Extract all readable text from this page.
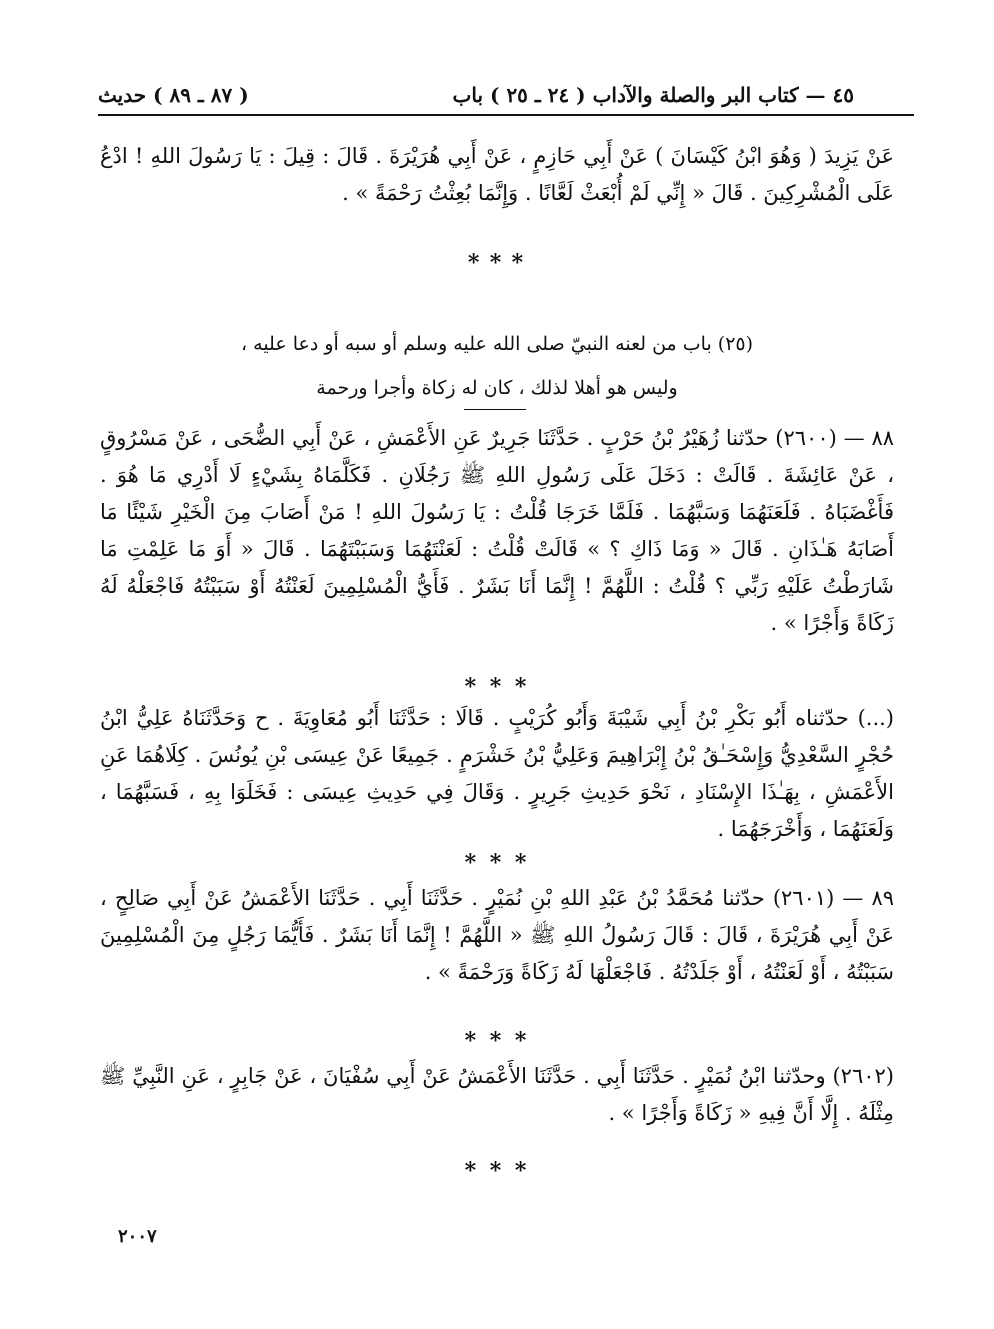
٤٥ — كتاب البر والصلة والآداب ( ٢٤ ـ ٢٥ ) باب
( ٨٧ ـ ٨٩ ) حديث

عَنْ يَزِيدَ ( وَهُوَ ابْنُ كَيْسَانَ ) عَنْ أَبِي حَازِمٍ ، عَنْ أَبِي هُرَيْرَةَ . قَالَ : قِيلَ : يَا رَسُولَ اللهِ ! ادْعُ عَلَى الْمُشْرِكِينَ . قَالَ « إِنِّي لَمْ أُبْعَثْ لَعَّانًا . وَإِنَّمَا بُعِثْتُ رَحْمَةً » .

* * *

(٢٥) باب من لعنه النبيّ صلى الله عليه وسلم أو سبه أو دعا عليه ،

وليس هو أهلا لذلك ، كان له زكاة وأجرا ورحمة

٨٨ — (٢٦٠٠) حدّثنا زُهَيْرُ بْنُ حَرْبٍ . حَدَّثَنَا جَرِيرٌ عَنِ الأَعْمَشِ ، عَنْ أَبِي الضُّحَى ، عَنْ مَسْرُوقٍ ، عَنْ عَائِشَةَ . قَالَتْ : دَخَلَ عَلَى رَسُولِ اللهِ ﷺ رَجُلَانِ . فَكَلَّمَاهُ بِشَيْءٍ لَا أَدْرِي مَا هُوَ . فَأَغْضَبَاهُ . فَلَعَنَهُمَا وَسَبَّهُمَا . فَلَمَّا خَرَجَا قُلْتُ : يَا رَسُولَ اللهِ ! مَنْ أَصَابَ مِنَ الْخَيْرِ شَيْئًا مَا أَصَابَهُ هَـٰذَانِ . قَالَ « وَمَا ذَاكِ ؟ » قَالَتْ قُلْتُ : لَعَنْتَهُمَا وَسَبَبْتَهُمَا . قَالَ « أَوَ مَا عَلِمْتِ مَا شَارَطْتُ عَلَيْهِ رَبِّي ؟ قُلْتُ : اللَّهُمَّ ! إِنَّمَا أَنَا بَشَرٌ . فَأَيُّ الْمُسْلِمِينَ لَعَنْتُهُ أَوْ سَبَبْتُهُ فَاجْعَلْهُ لَهُ زَكَاةً وَأَجْرًا » .

* * *

(...) حدّثناه أَبُو بَكْرِ بْنُ أَبِي شَيْبَةَ وَأَبُو كُرَيْبٍ . قَالَا : حَدَّثَنَا أَبُو مُعَاوِيَةَ . ح وَحَدَّثَنَاهُ عَلِيُّ ابْنُ حُجْرٍ السَّعْدِيُّ وَإِسْحَـٰقُ بْنُ إِبْرَاهِيمَ وَعَلِيُّ بْنُ خَشْرَمٍ . جَمِيعًا عَنْ عِيسَى بْنِ يُونُسَ . كِلَاهُمَا عَنِ الأَعْمَشِ ، بِهَـٰذَا الإِسْنَادِ ، نَحْوَ حَدِيثِ جَرِيرٍ . وَقَالَ فِي حَدِيثِ عِيسَى : فَخَلَوَا بِهِ ، فَسَبَّهُمَا ، وَلَعَنَهُمَا ، وَأَخْرَجَهُمَا .

* * *

٨٩ — (٢٦٠١) حدّثنا مُحَمَّدُ بْنُ عَبْدِ اللهِ بْنِ نُمَيْرٍ . حَدَّثَنَا أَبِي . حَدَّثَنَا الأَعْمَشُ عَنْ أَبِي صَالِحٍ ، عَنْ أَبِي هُرَيْرَةَ ، قَالَ : قَالَ رَسُولُ اللهِ ﷺ « اللَّهُمَّ ! إِنَّمَا أَنَا بَشَرٌ . فَأَيُّمَا رَجُلٍ مِنَ الْمُسْلِمِينَ سَبَبْتُهُ ، أَوْ لَعَنْتُهُ ، أَوْ جَلَدْتُهُ . فَاجْعَلْهَا لَهُ زَكَاةً وَرَحْمَةً » .

* * *

(٢٦٠٢) وحدّثنا ابْنُ نُمَيْرٍ . حَدَّثَنَا أَبِي . حَدَّثَنَا الأَعْمَشُ عَنْ أَبِي سُفْيَانَ ، عَنْ جَابِرٍ ، عَنِ النَّبِيِّ ﷺ مِثْلَهُ . إِلَّا أَنَّ فِيهِ « زَكَاةً وَأَجْرًا » .

* * *
٢٠٠٧
